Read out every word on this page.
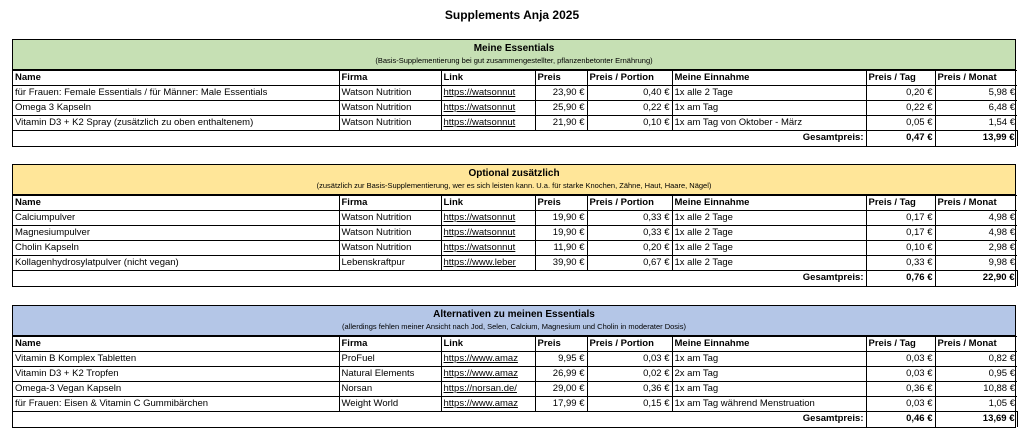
Supplements Anja 2025
Meine Essentials
(Basis-Supplementierung bei gut zusammengestellter, pflanzenbetonter Ernährung)
Name	Firma	Link	Preis	Preis / Portion	Meine Einnahme	Preis / Tag	Preis / Monat
für Frauen: Female Essentials / für Männer: Male Essentials	Watson Nutrition	https://watsonnut	23,90 €	0,40 €	1x alle 2 Tage	0,20 €	5,98 €
Omega 3 Kapseln	Watson Nutrition	https://watsonnut	25,90 €	0,22 €	1x am Tag	0,22 €	6,48 €
Vitamin D3 + K2 Spray (zusätzlich zu oben enthaltenem)	Watson Nutrition	https://watsonnut	21,90 €	0,10 €	1x am Tag von Oktober - März	0,05 €	1,54 €
Gesamtpreis:						0,47 €	13,99 €
Optional zusätzlich
(zusätzlich zur Basis-Supplementierung, wer es sich leisten kann. U.a. für starke Knochen, Zähne, Haut, Haare, Nägel)
Name	Firma	Link	Preis	Preis / Portion	Meine Einnahme	Preis / Tag	Preis / Monat
Calciumpulver	Watson Nutrition	https://watsonnut	19,90 €	0,33 €	1x alle 2 Tage	0,17 €	4,98 €
Magnesiumpulver	Watson Nutrition	https://watsonnut	19,90 €	0,33 €	1x alle 2 Tage	0,17 €	4,98 €
Cholin Kapseln	Watson Nutrition	https://watsonnut	11,90 €	0,20 €	1x alle 2 Tage	0,10 €	2,98 €
Kollagenhydrosylatpulver (nicht vegan)	Lebenskraftpur	https://www.leber	39,90 €	0,67 €	1x alle 2 Tage	0,33 €	9,98 €
Gesamtpreis:						0,76 €	22,90 €
Alternativen zu meinen Essentials
(allerdings fehlen meiner Ansicht nach Jod, Selen, Calcium, Magnesium und Cholin in moderater Dosis)
Name	Firma	Link	Preis	Preis / Portion	Meine Einnahme	Preis / Tag	Preis / Monat
Vitamin B Komplex Tabletten	ProFuel	https://www.amaz	9,95 €	0,03 €	1x am Tag	0,03 €	0,82 €
Vitamin D3 + K2 Tropfen	Natural Elements	https://www.amaz	26,99 €	0,02 €	2x am Tag	0,03 €	0,95 €
Omega-3 Vegan Kapseln	Norsan	https://norsan.de/	29,00 €	0,36 €	1x am Tag	0,36 €	10,88 €
für Frauen: Eisen & Vitamin C Gummibärchen	Weight World	https://www.amaz	17,99 €	0,15 €	1x am Tag während Menstruation	0,03 €	1,05 €
Gesamtpreis:						0,46 €	13,69 €
